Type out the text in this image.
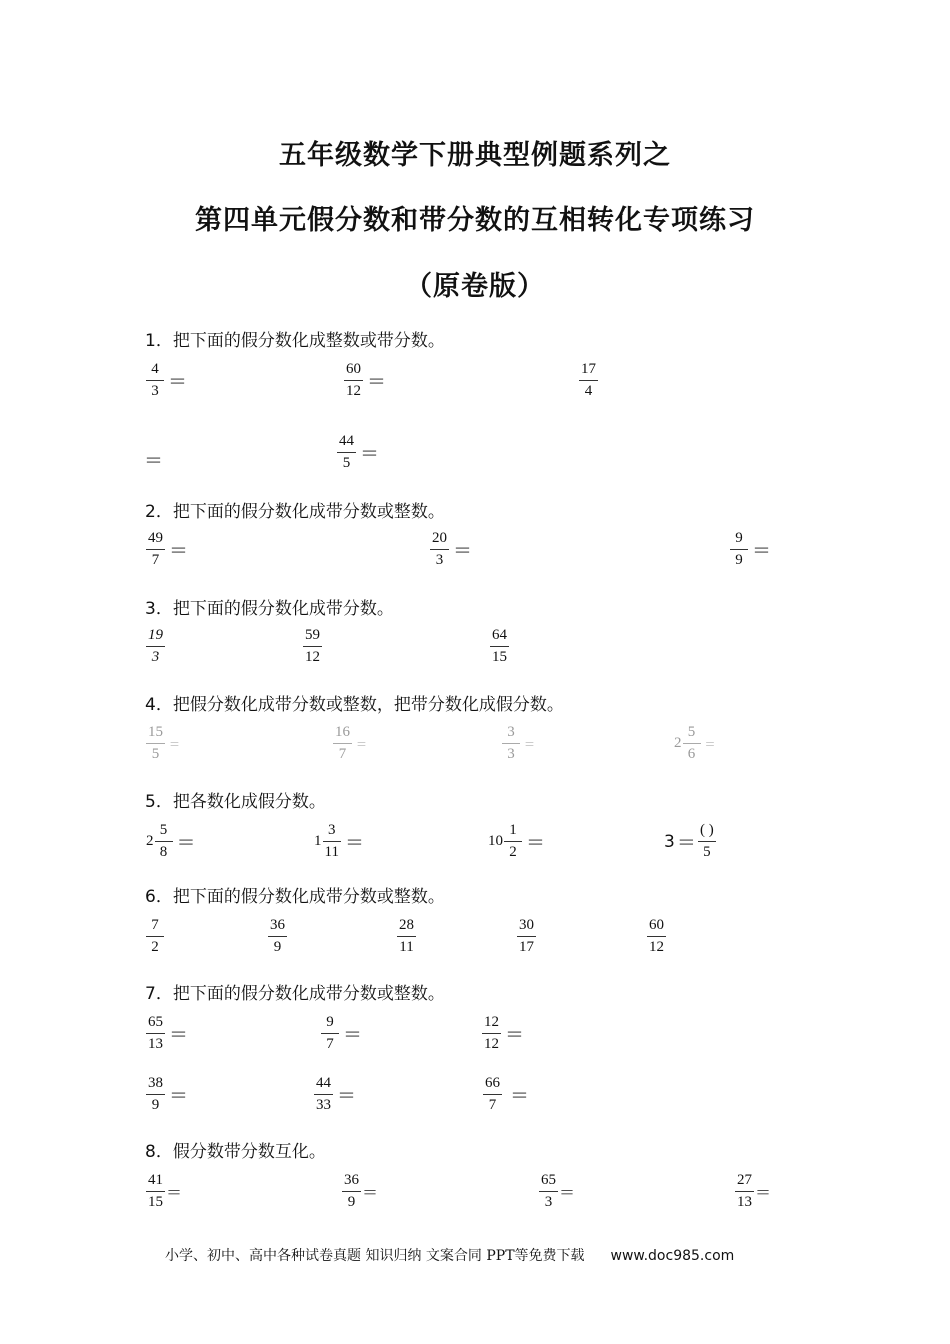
五年级数学下册典型例题系列之
第四单元假分数和带分数的互相转化专项练习
（原卷版）
1．把下面的假分数化成整数或带分数。
$\frac{4}{3}$ ＝	$\frac{60}{12}$ ＝	$\frac{17}{4}$
＝	$\frac{44}{5}$ ＝
2．把下面的假分数化成带分数或整数。
$\frac{49}{7}$ ＝	$\frac{20}{3}$ ＝	$\frac{9}{9}$ ＝
3．把下面的假分数化成带分数。
$\frac{19}{3}$	$\frac{59}{12}$	$\frac{64}{15}$
4．把假分数化成带分数或整数，把带分数化成假分数。
$\frac{15}{5}$ ＝	$\frac{16}{7}$ ＝	$\frac{3}{3}$ ＝	$2 \frac{5}{6}$ ＝
5．把各数化成假分数。
$2 \frac{5}{8}$ ＝	$1 \frac{3}{11}$ ＝	$10 \frac{1}{2}$ ＝	$3 = \frac{( )}{5}$
6．把下面的假分数化成带分数或整数。
$\frac{7}{2}$	$\frac{36}{9}$	$\frac{28}{11}$	$\frac{30}{17}$	$\frac{60}{12}$
7．把下面的假分数化成带分数或整数。
$\frac{65}{13}$ ＝	$\frac{9}{7}$ ＝	$\frac{12}{12}$ ＝
$\frac{38}{9}$ ＝	$\frac{44}{33}$ ＝	$\frac{66}{7}$ ＝
8．假分数带分数互化。
$\frac{41}{15}$ ＝	$\frac{36}{9}$ ＝	$\frac{65}{3}$ ＝	$\frac{27}{13}$ ＝
小学、初中、高中各种试卷真题 知识归纳 文案合同 PPT等免费下载 www.doc985.com
